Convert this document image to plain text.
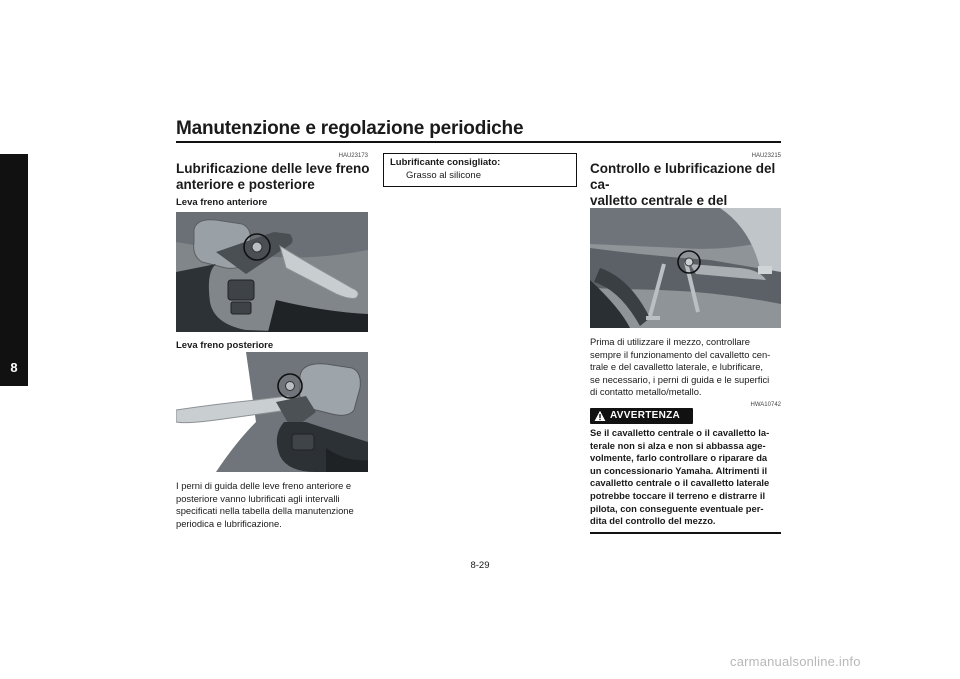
Manutenzione e regolazione periodiche
8
HAU23173
Lubrificazione delle leve freno
anteriore e posteriore
Leva freno anteriore
Leva freno posteriore
I perni di guida delle leve freno anteriore e
posteriore vanno lubrificati agli intervalli
specificati nella tabella della manutenzione
periodica e lubrificazione.
Lubrificante consigliato:
Grasso al silicone
HAU23215
Controllo e lubrificazione del ca-
valletto centrale e del
Prima di utilizzare il mezzo, controllare
sempre il funzionamento del cavalletto cen-
trale e del cavalletto laterale, e lubrificare,
se necessario, i perni di guida e le superfici
di contatto metallo/metallo.
HWA10742
AVVERTENZA
Se il cavalletto centrale o il cavalletto la-
terale non si alza e non si abbassa age-
volmente, farlo controllare o riparare da
un concessionario Yamaha. Altrimenti il
cavalletto centrale o il cavalletto laterale
potrebbe toccare il terreno e distrarre il
pilota, con conseguente eventuale per-
dita del controllo del mezzo.
8-29
carmanualsonline.info
